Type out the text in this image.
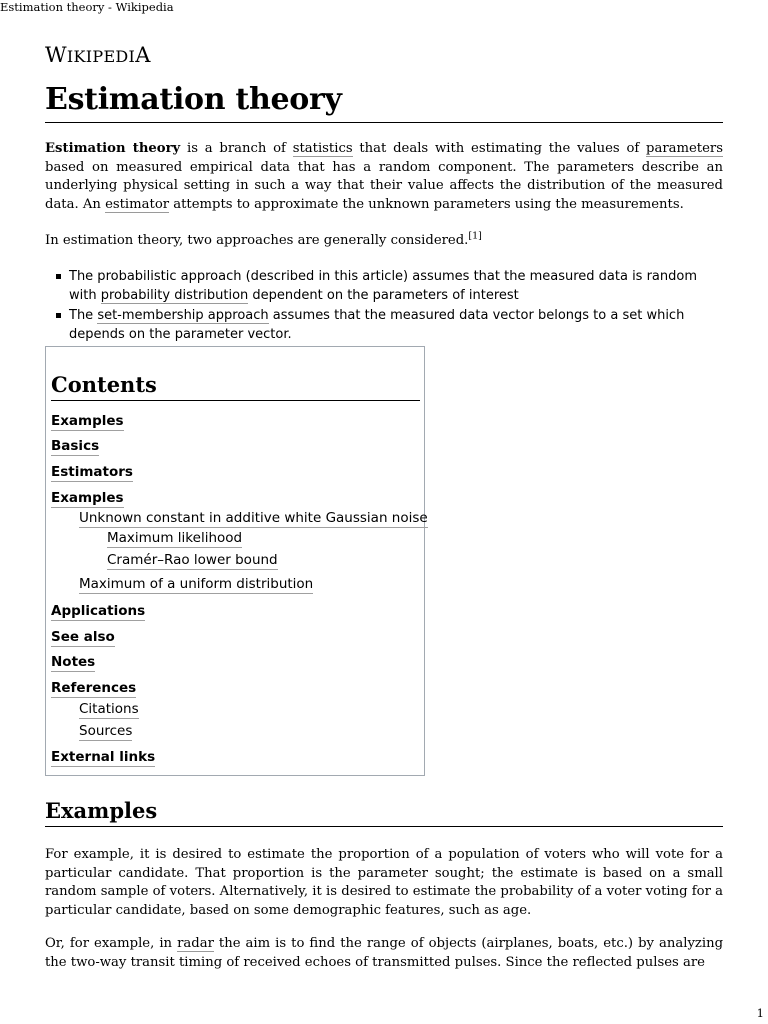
Estimation theory - Wikipedia
WIKIPEDIA
Estimation theory

Estimation theory is a branch of statistics that deals with estimating the values of parameters based on measured empirical data that has a random component. The parameters describe an underlying physical setting in such a way that their value affects the distribution of the measured data. An estimator attempts to approximate the unknown parameters using the measurements.

In estimation theory, two approaches are generally considered.[1]

The probabilistic approach (described in this article) assumes that the measured data is random with probability distribution dependent on the parameters of interest
The set-membership approach assumes that the measured data vector belongs to a set which depends on the parameter vector.
Contents
Examples
Basics
Estimators
Examples
Unknown constant in additive white Gaussian noise
Maximum likelihood
Cramér–Rao lower bound
Maximum of a uniform distribution
Applications
See also
Notes
References
Citations
Sources
External links
Examples

For example, it is desired to estimate the proportion of a population of voters who will vote for a particular candidate. That proportion is the parameter sought; the estimate is based on a small random sample of voters. Alternatively, it is desired to estimate the probability of a voter voting for a particular candidate, based on some demographic features, such as age.

Or, for example, in radar the aim is to find the range of objects (airplanes, boats, etc.) by analyzing the two-way transit timing of received echoes of transmitted pulses. Since the reflected pulses are

1
